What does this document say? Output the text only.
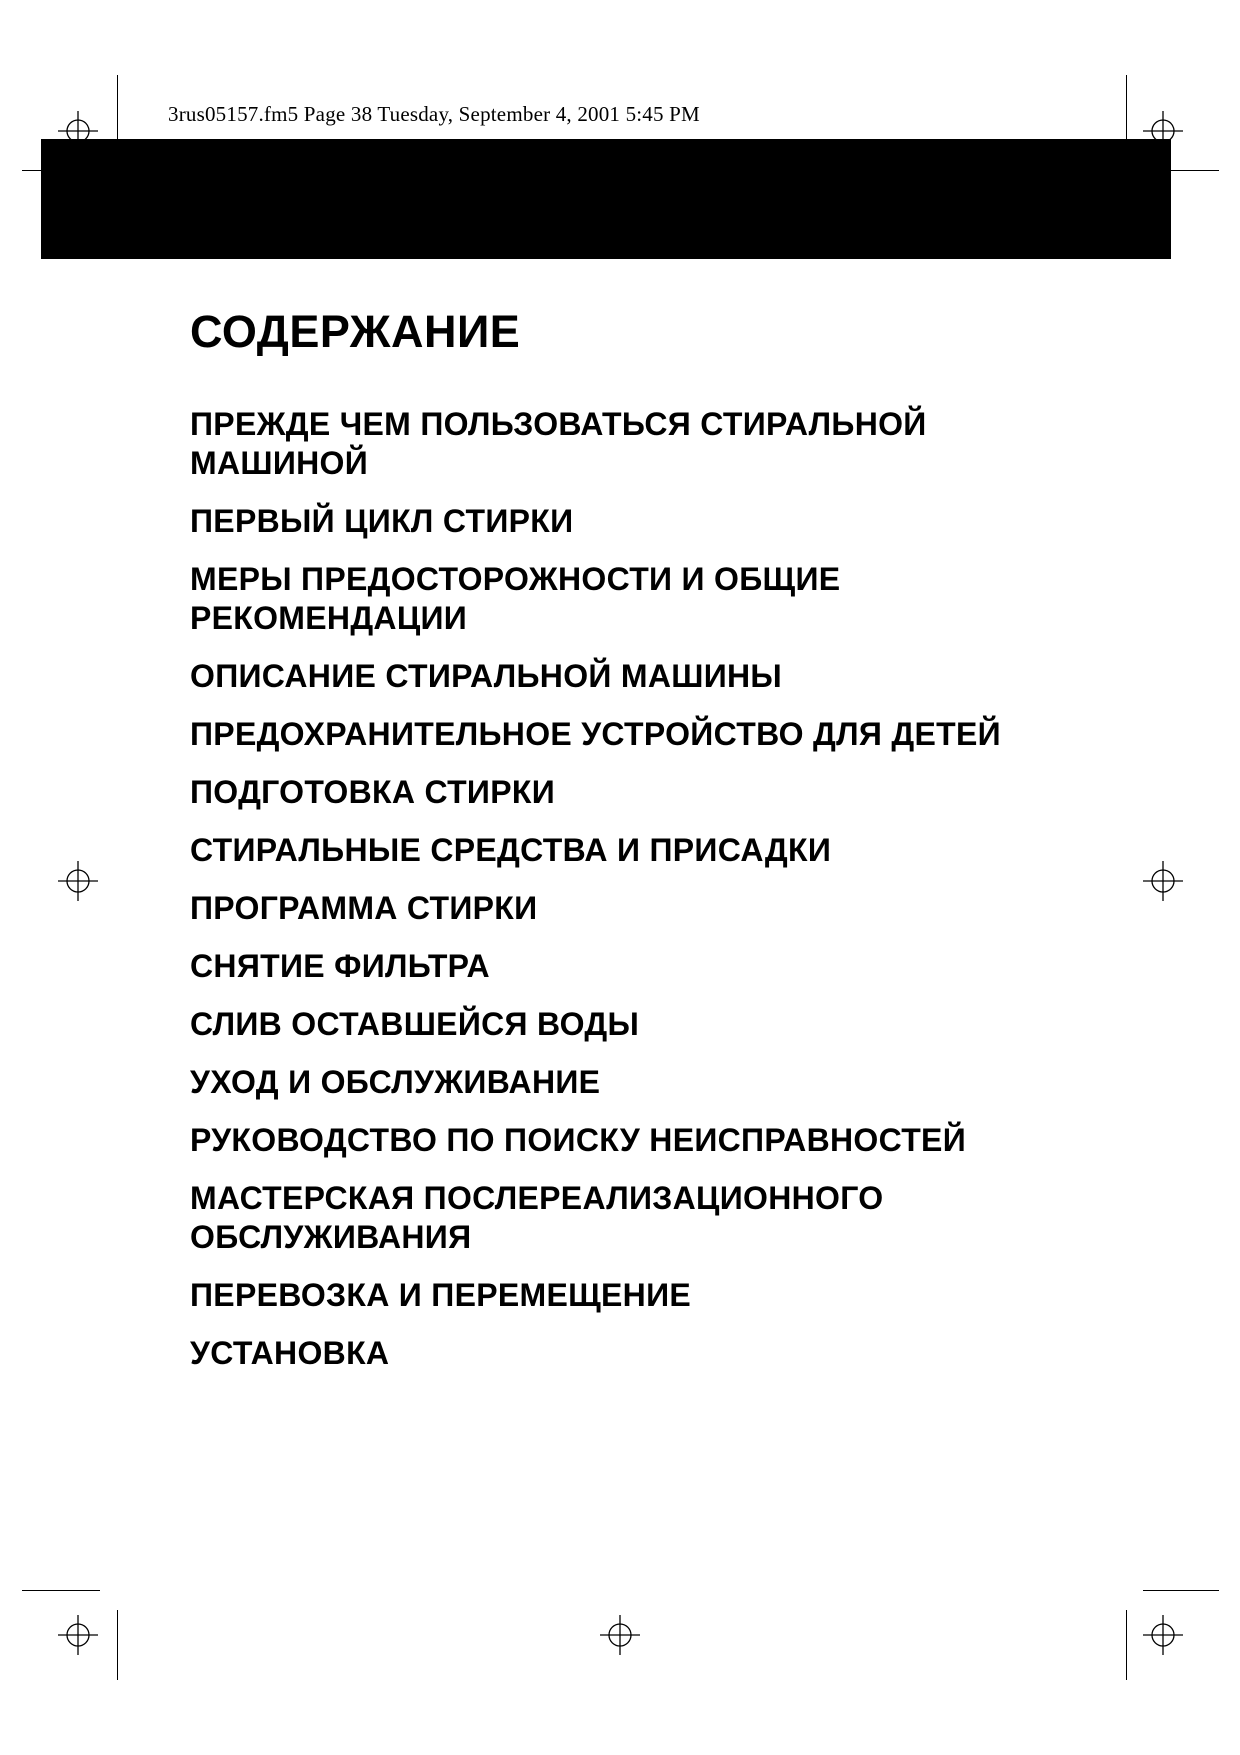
3rus05157.fm5 Page 38 Tuesday, September 4, 2001 5:45 PM
СОДЕРЖАНИЕ
ПРЕЖДЕ ЧЕМ ПОЛЬЗОВАТЬСЯ СТИРАЛЬНОЙ МАШИНОЙ
ПЕРВЫЙ ЦИКЛ СТИРКИ
МЕРЫ ПРЕДОСТОРОЖНОСТИ И ОБЩИЕ РЕКОМЕНДАЦИИ
ОПИСАНИЕ СТИРАЛЬНОЙ МАШИНЫ
ПРЕДОХРАНИТЕЛЬНОЕ УСТРОЙСТВО ДЛЯ ДЕТЕЙ
ПОДГОТОВКА СТИРКИ
СТИРАЛЬНЫЕ СРЕДСТВА И ПРИСАДКИ
ПРОГРАММА СТИРКИ
СНЯТИЕ ФИЛЬТРА
СЛИВ ОСТАВШЕЙСЯ ВОДЫ
УХОД И ОБСЛУЖИВАНИЕ
РУКОВОДСТВО ПО ПОИСКУ НЕИСПРАВНОСТЕЙ
МАСТЕРСКАЯ ПОСЛЕРЕАЛИЗАЦИОННОГО ОБСЛУЖИВАНИЯ
ПЕРЕВОЗКА И ПЕРЕМЕЩЕНИЕ
УСТАНОВКА
